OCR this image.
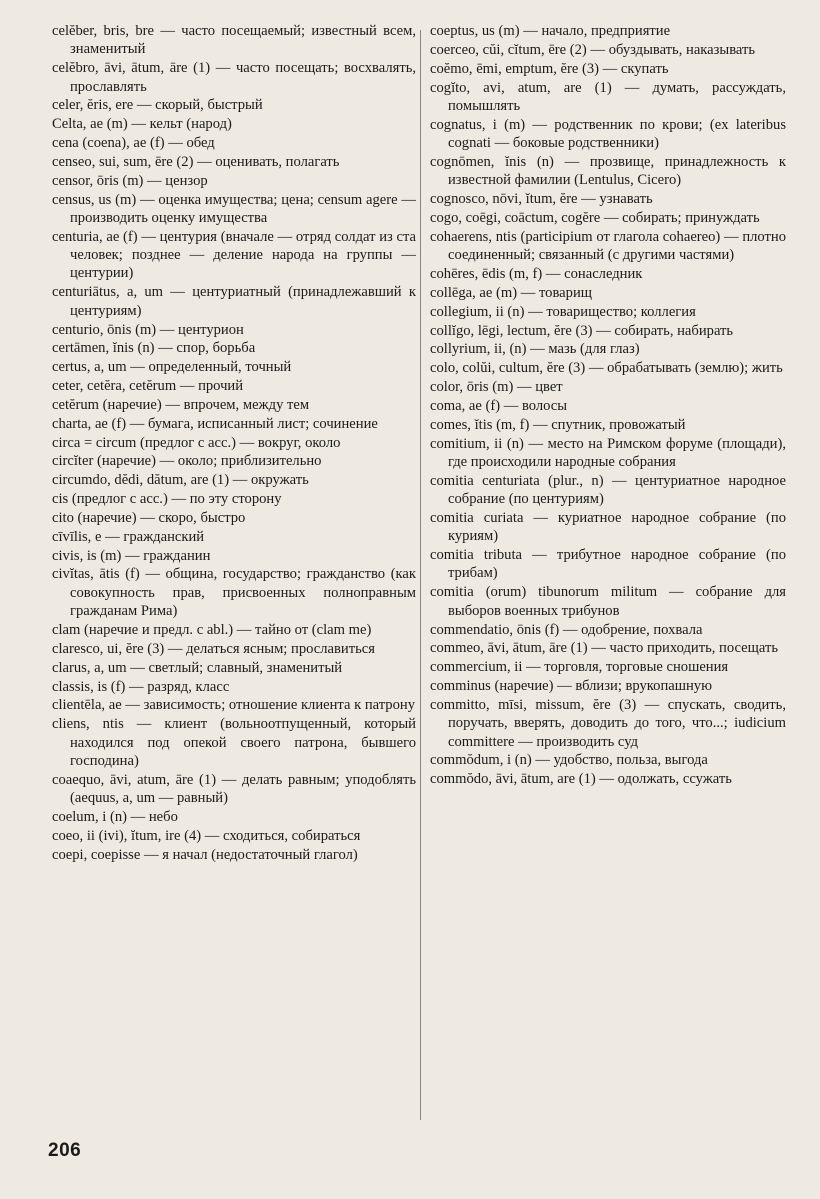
celĕber, bris, bre — часто посещаемый; известный всем, знаменитый

celĕbro, āvi, ātum, āre (1) — часто посещать; восхвалять, прославлять

celer, ĕris, ere — скорый, быстрый

Celta, ae (m) — кельт (народ)

cena (coena), ae (f) — обед

censeo, sui, sum, ēre (2) — оценивать, полагать

censor, ōris (m) — цензор

census, us (m) — оценка имущества; цена; censum agere — производить оценку имущества

centuria, ae (f) — центурия (вначале — отряд солдат из ста человек; позднее — деление народа на группы — центурии)

centuriātus, a, um — центуриатный (принадлежавший к центуриям)

centurio, ōnis (m) — центурион

certāmen, ĭnis (n) — спор, борьба

certus, a, um — определенный, точный

ceter, cetĕra, cetĕrum — прочий

cetĕrum (наречие) — впрочем, между тем

charta, ae (f) — бумага, исписанный лист; сочинение

circa = circum (предлог с acc.) — вокруг, около

circĭter (наречие) — около; приблизительно

circumdo, dĕdi, dătum, are (1) — окружать

cis (предлог с acc.) — по эту сторону

cito (наречие) — скоро, быстро

cīvīlis, e — гражданский

civis, is (m) — гражданин

civĭtas, ātis (f) — община, государство; гражданство (как совокупность прав, присвоенных полноправным гражданам Рима)

clam (наречие и предл. с abl.) — тайно от (clam me)

claresco, ui, ĕre (3) — делаться ясным; прославиться

clarus, a, um — светлый; славный, знаменитый

classis, is (f) — разряд, класс

clientēla, ae — зависимость; отношение клиента к патрону

cliens, ntis — клиент (вольноотпущенный, который находился под опекой своего патрона, бывшего господина)

coaequo, āvi, atum, āre (1) — делать равным; уподоблять (aequus, a, um — равный)

coelum, i (n) — небо

coeo, ii (ivi), ĭtum, ire (4) — сходиться, собираться

coepi, coepisse — я начал (недостаточный глагол)

coeptus, us (m) — начало, предприятие

coerceo, cŭi, cĭtum, ēre (2) — обуздывать, наказывать

coĕmo, ēmi, emptum, ĕre (3) — скупать

cogĭto, avi, atum, are (1) — думать, рассуждать, помышлять

cognatus, i (m) — родственник по крови; (ex lateribus cognati — боковые родственники)

cognōmen, ĭnis (n) — прозвище, принадлежность к известной фамилии (Lentulus, Cicero)

cognosco, nōvi, ĭtum, ĕre — узнавать

cogo, coēgi, coāctum, cogĕre — собирать; принуждать

cohaerens, ntis (participium от глагола cohaereo) — плотно соединенный; связанный (с другими частями)

cohēres, ēdis (m, f) — сонаследник

collēga, ae (m) — товарищ

collegium, ii (n) — товарищество; коллегия

collĭgo, lēgi, lectum, ĕre (3) — собирать, набирать

collyrium, ii, (n) — мазь (для глаз)

colo, colŭi, cultum, ĕre (3) — обрабатывать (землю); жить

color, ōris (m) — цвет

coma, ae (f) — волосы

comes, ĭtis (m, f) — спутник, провожатый

comitium, ii (n) — место на Римском форуме (площади), где происходили народные собрания

comitia centuriata (plur., n) — центуриатное народное собрание (по центуриям)

comitia curiata — куриатное народное собрание (по куриям)

comitia tributa — трибутное народное собрание (по трибам)

comitia (orum) tibunorum militum — собрание для выборов военных трибунов

commendatio, ōnis (f) — одобрение, похвала

commeo, āvi, ātum, āre (1) — часто приходить, посещать

commercium, ii — торговля, торговые сношения

comminus (наречие) — вблизи; врукопашную

committo, mīsi, missum, ĕre (3) — спускать, сводить, поручать, вверять, доводить до того, что...; iudicium committere — производить суд

commŏdum, i (n) — удобство, польза, выгода

commŏdo, āvi, ātum, are (1) — одолжать, ссужать

206
